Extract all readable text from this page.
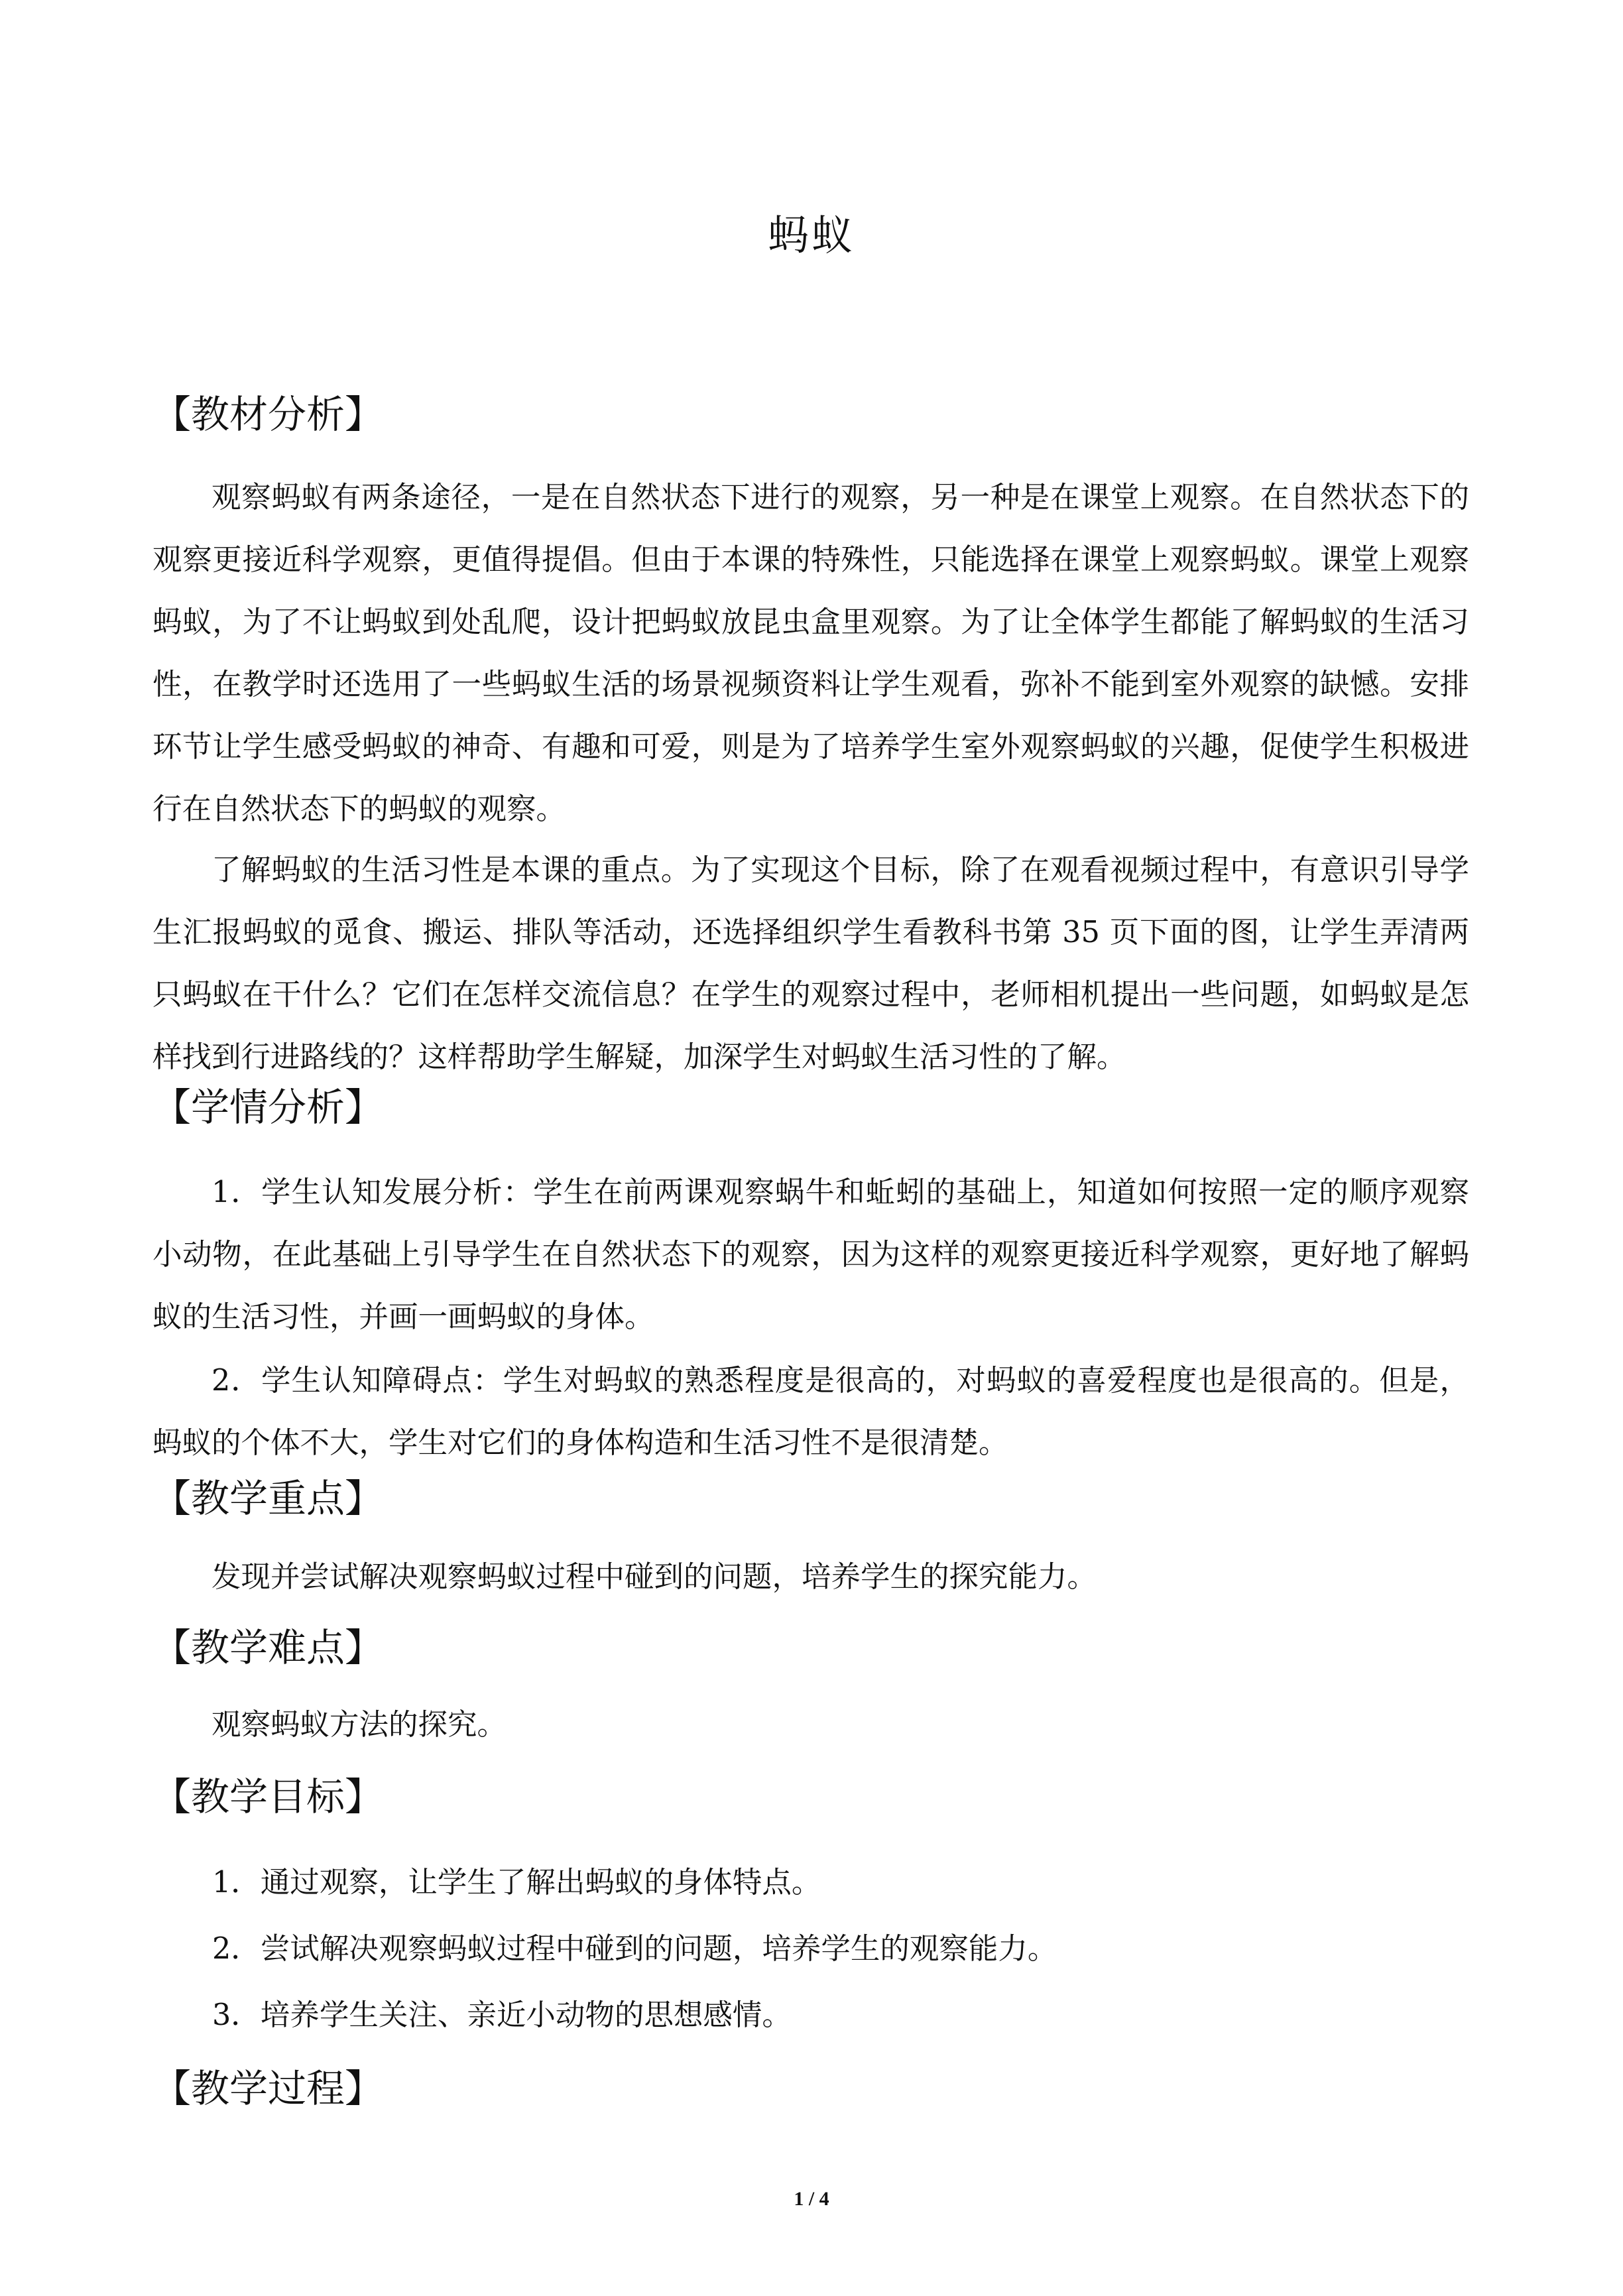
蚂蚁
【教材分析】

观察蚂蚁有两条途径，一是在自然状态下进行的观察，另一种是在课堂上观察。在自然状态下的观察更接近科学观察，更值得提倡。但由于本课的特殊性，只能选择在课堂上观察蚂蚁。课堂上观察蚂蚁，为了不让蚂蚁到处乱爬，设计把蚂蚁放昆虫盒里观察。为了让全体学生都能了解蚂蚁的生活习性，在教学时还选用了一些蚂蚁生活的场景视频资料让学生观看，弥补不能到室外观察的缺憾。安排环节让学生感受蚂蚁的神奇、有趣和可爱，则是为了培养学生室外观察蚂蚁的兴趣，促使学生积极进行在自然状态下的蚂蚁的观察。

了解蚂蚁的生活习性是本课的重点。为了实现这个目标，除了在观看视频过程中，有意识引导学生汇报蚂蚁的觅食、搬运、排队等活动，还选择组织学生看教科书第 35 页下面的图，让学生弄清两只蚂蚁在干什么？它们在怎样交流信息？在学生的观察过程中，老师相机提出一些问题，如蚂蚁是怎样找到行进路线的？这样帮助学生解疑，加深学生对蚂蚁生活习性的了解。

【学情分析】

1．学生认知发展分析：学生在前两课观察蜗牛和蚯蚓的基础上，知道如何按照一定的顺序观察小动物，在此基础上引导学生在自然状态下的观察，因为这样的观察更接近科学观察，更好地了解蚂蚁的生活习性，并画一画蚂蚁的身体。

2．学生认知障碍点：学生对蚂蚁的熟悉程度是很高的，对蚂蚁的喜爱程度也是很高的。但是，蚂蚁的个体不大，学生对它们的身体构造和生活习性不是很清楚。

【教学重点】

发现并尝试解决观察蚂蚁过程中碰到的问题，培养学生的探究能力。

【教学难点】

观察蚂蚁方法的探究。

【教学目标】
1．通过观察，让学生了解出蚂蚁的身体特点。
2．尝试解决观察蚂蚁过程中碰到的问题，培养学生的观察能力。
3．培养学生关注、亲近小动物的思想感情。
【教学过程】
1 / 4
